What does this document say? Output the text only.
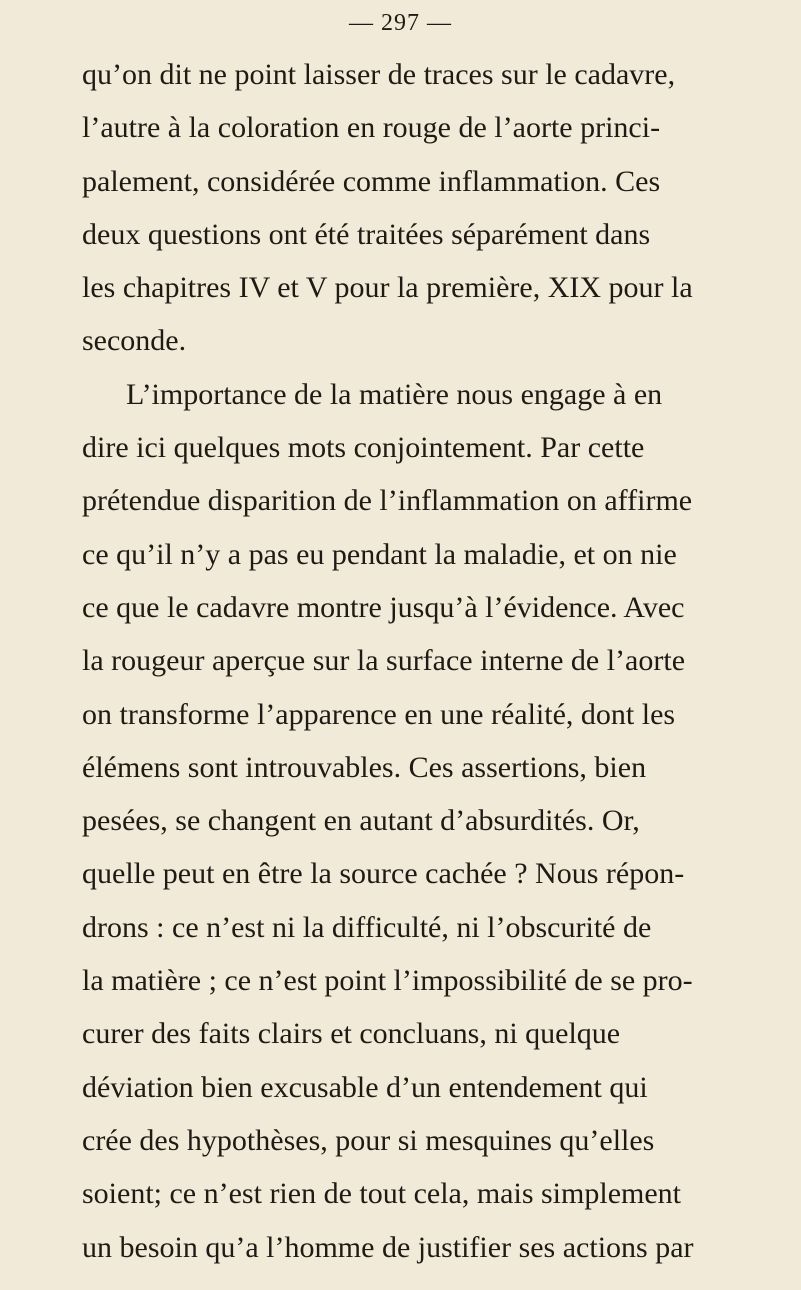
— 297 —
qu’on dit ne point laisser de traces sur le cadavre,
l’autre à la coloration en rouge de l’aorte princi-
palement, considérée comme inflammation. Ces
deux questions ont été traitées séparément dans
les chapitres IV et V pour la première, XIX pour la
seconde.
L’importance de la matière nous engage à en
dire ici quelques mots conjointement. Par cette
prétendue disparition de l’inflammation on affirme
ce qu’il n’y a pas eu pendant la maladie, et on nie
ce que le cadavre montre jusqu’à l’évidence. Avec
la rougeur aperçue sur la surface interne de l’aorte
on transforme l’apparence en une réalité, dont les
élémens sont introuvables. Ces assertions, bien
pesées, se changent en autant d’absurdités. Or,
quelle peut en être la source cachée ? Nous répon-
drons : ce n’est ni la difficulté, ni l’obscurité de
la matière ; ce n’est point l’impossibilité de se pro-
curer des faits clairs et concluans, ni quelque
déviation bien excusable d’un entendement qui
crée des hypothèses, pour si mesquines qu’elles
soient; ce n’est rien de tout cela, mais simplement
un besoin qu’a l’homme de justifier ses actions par
